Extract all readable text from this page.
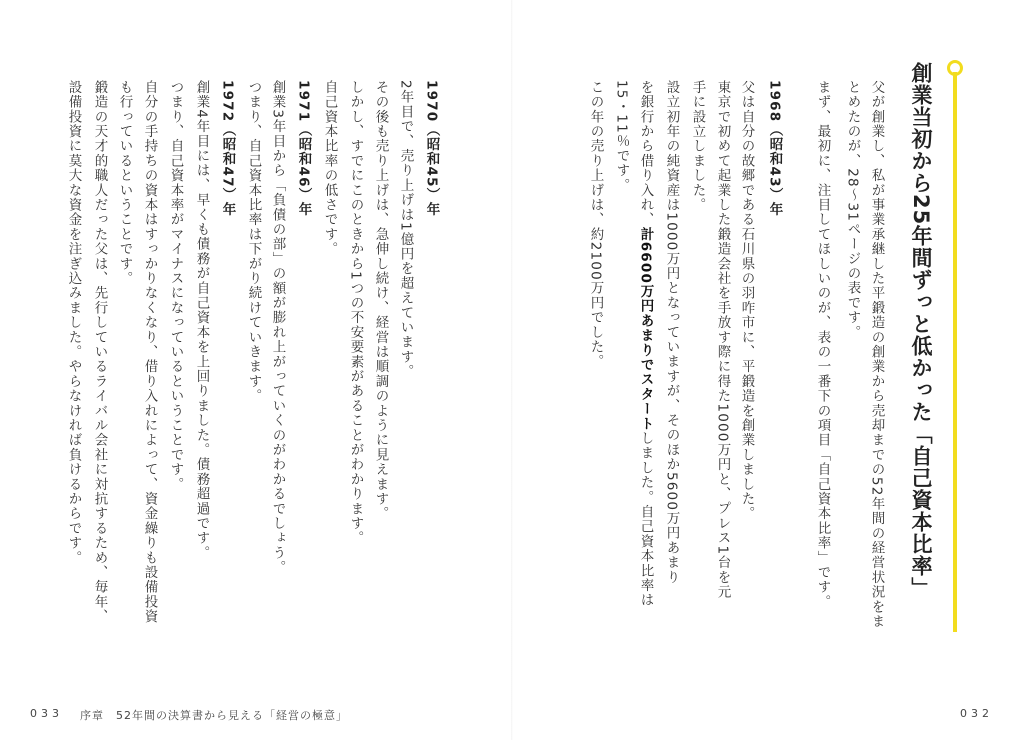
創業当初から25年間ずっと低かった「自己資本比率」
父が創業し、私が事業承継した平鍛造の創業から売却までの52年間の経営状況をま
とめたのが、28～31ページの表です。
まず、最初に、注目してほしいのが、表の一番下の項目「自己資本比率」です。
1968（昭和43）年
父は自分の故郷である石川県の羽咋市に、平鍛造を創業しました。
東京で初めて起業した鍛造会社を手放す際に得た1000万円と、プレス1台を元
手に設立しました。
設立初年の純資産は1000万円となっていますが、そのほか5600万円あまり
を銀行から借り入れ、計6600万円あまりでスタートしました。自己資本比率は
15・11％です。
この年の売り上げは、約2100万円でした。
1970（昭和45）年
2年目で、売り上げは1億円を超えています。
その後も売り上げは、急伸し続け、経営は順調のように見えます。
しかし、すでにこのときから1つの不安要素があることがわかります。
自己資本比率の低さです。
1971（昭和46）年
創業3年目から「負債の部」の額が膨れ上がっていくのがわかるでしょう。
つまり、自己資本比率は下がり続けていきます。
1972（昭和47）年
創業4年目には、早くも債務が自己資本を上回りました。債務超過です。
つまり、自己資本率がマイナスになっているということです。
自分の手持ちの資本はすっかりなくなり、借り入れによって、資金繰りも設備投資
も行っているということです。
鍛造の天才的職人だった父は、先行しているライバル会社に対抗するため、毎年、
設備投資に莫大な資金を注ぎ込みました。やらなければ負けるからです。
033 序章　52年間の決算書から見える「経営の極意」	032
